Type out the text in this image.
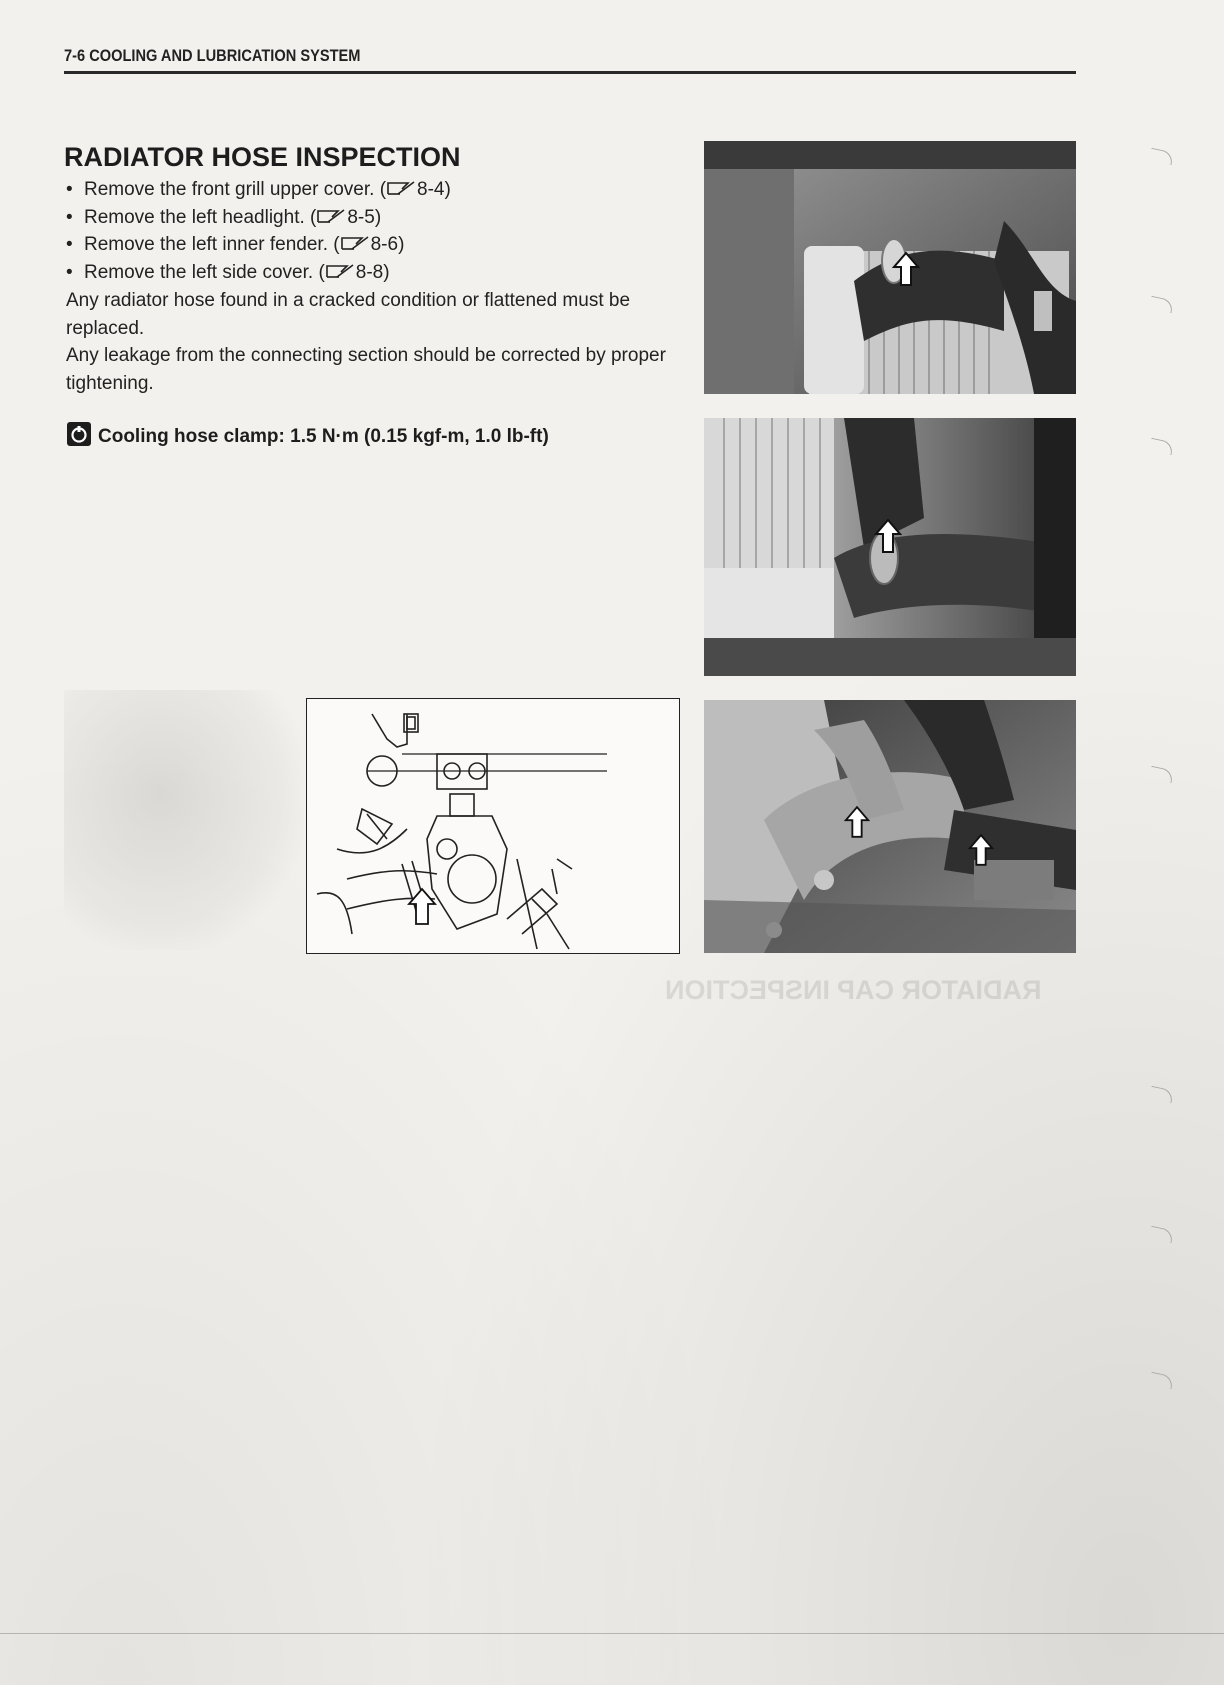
7-6 COOLING AND LUBRICATION SYSTEM
RADIATOR HOSE INSPECTION
• Remove the front grill upper cover. ( 8-4)
• Remove the left headlight. ( 8-5)
• Remove the left inner fender. ( 8-6)
• Remove the left side cover. ( 8-8)

Any radiator hose found in a cracked condition or flattened must be replaced.

Any leakage from the connecting section should be corrected by proper tightening.

Cooling hose clamp: 1.5 N·m (0.15 kgf-m, 1.0 lb-ft)
RADIATOR CAP INSPECTION
